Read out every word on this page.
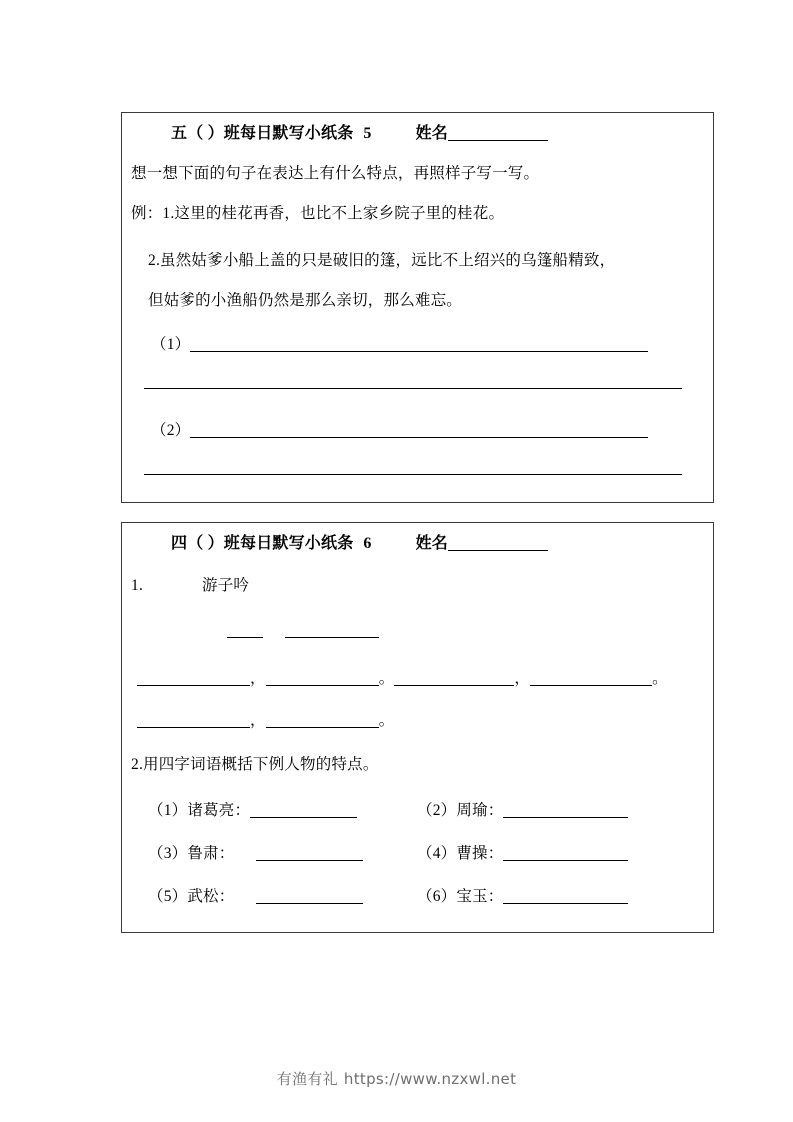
五（ ）班每日默写小纸条 5	姓名
想一想下面的句子在表达上有什么特点，再照样子写一写。
例：1.这里的桂花再香，也比不上家乡院子里的桂花。
2.虽然姑爹小船上盖的只是破旧的篷，远比不上绍兴的乌篷船精致，
但姑爹的小渔船仍然是那么亲切，那么难忘。
（1）
（2）
四（ ）班每日默写小纸条 6	姓名
1.	游子吟
，	。	，	。
，	。
2.用四字词语概括下例人物的特点。
（1）诸葛亮：	（2）周瑜：
（3）鲁肃：	（4）曹操：
（5）武松：	（6）宝玉：
有渔有礼 https://www.nzxwl.net
